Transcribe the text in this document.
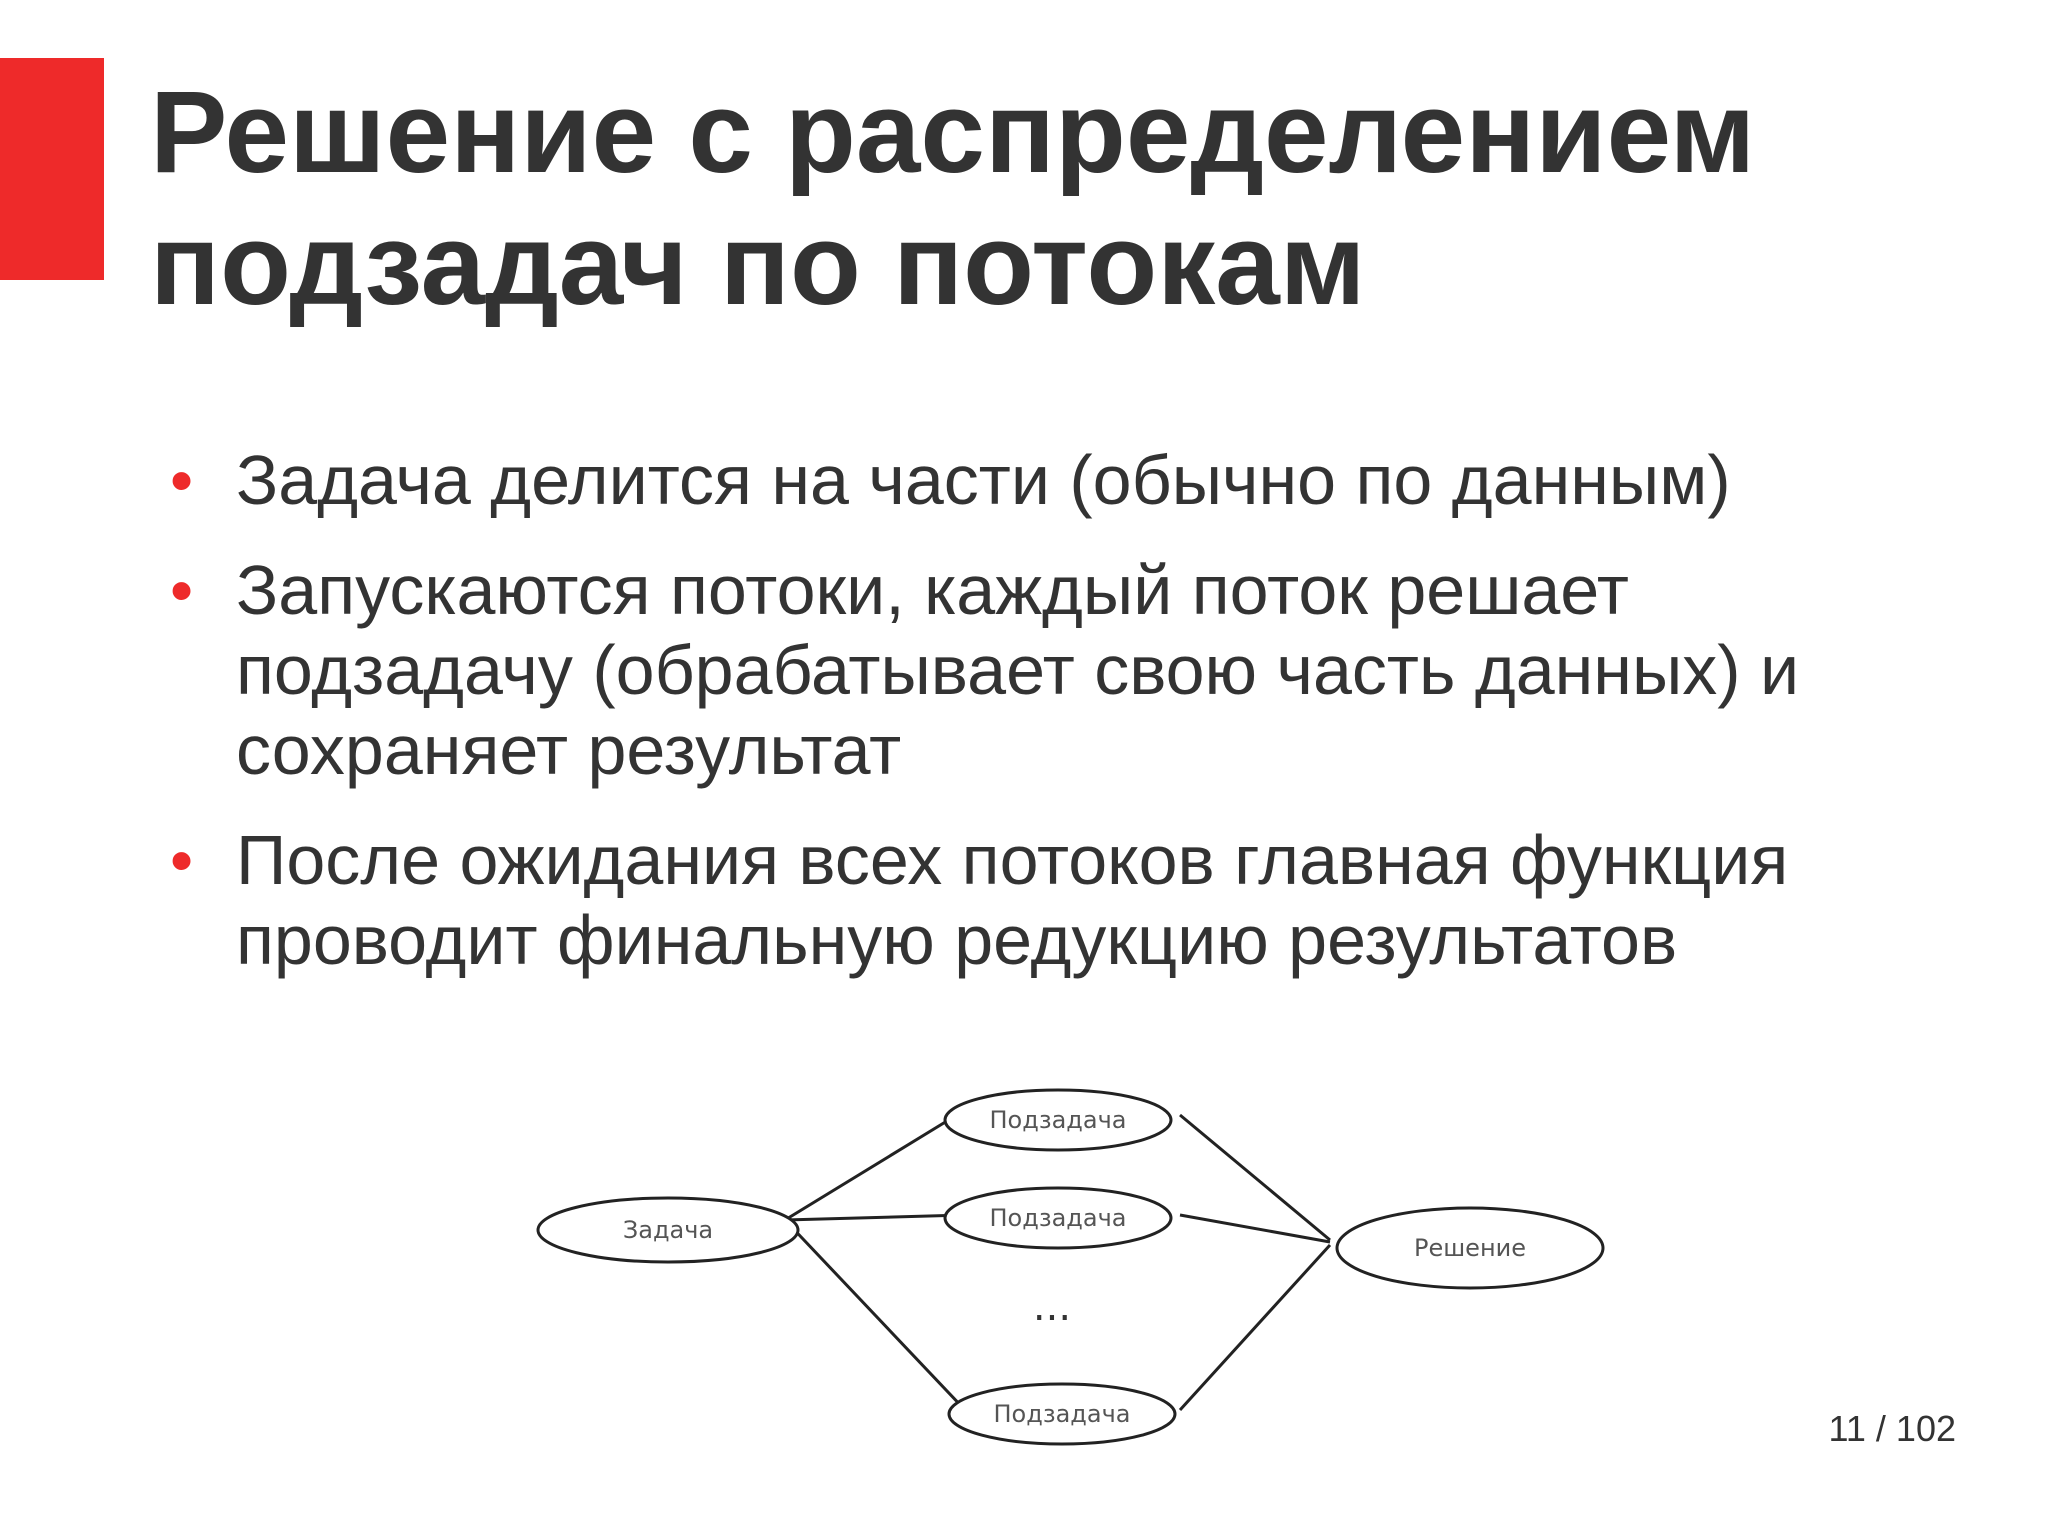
Решение с распределением
подзадач по потокам
• Задача делится на части (обычно по данным)
• Запускаются потоки, каждый поток решает
подзадачу (обрабатывает свою часть данных) и
сохраняет результат
• После ожидания всех потоков главная функция
проводит финальную редукцию результатов
Задача
Подзадача
Подзадача
...
Подзадача
Решение
11 / 102
